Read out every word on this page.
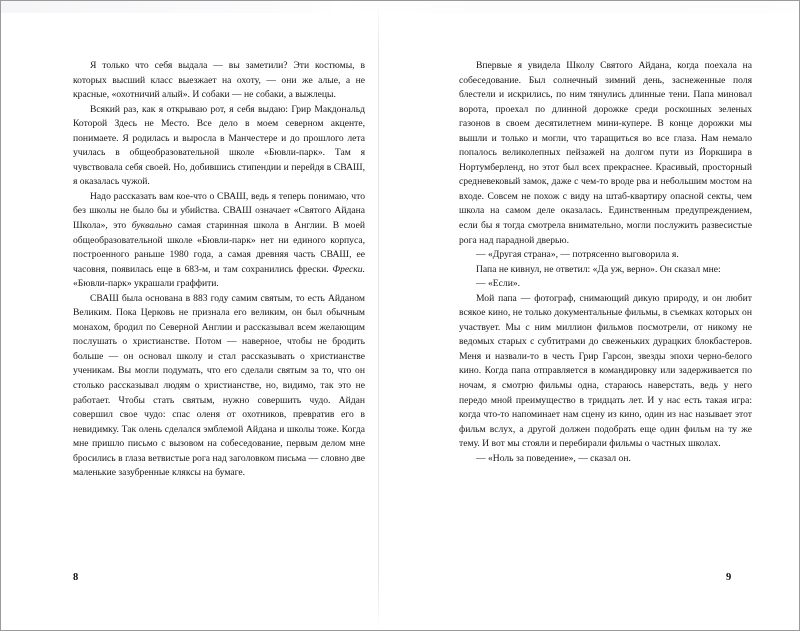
Я только что себя выдала — вы заметили? Эти костюмы, в которых высший класс выезжает на охоту, — они же алые, а не красные, «охотничий алый». И собаки — не собаки, а выжлецы.

Всякий раз, как я открываю рот, я себя выдаю: Грир Макдональд Которой Здесь не Место. Все дело в моем северном акценте, понимаете. Я родилась и выросла в Манчестере и до прошлого лета училась в общеобразовательной школе «Бювли-парк». Там я чувствовала себя своей. Но, добившись стипендии и перейдя в СВАШ, я оказалась чужой.

Надо рассказать вам кое-что о СВАШ, ведь я теперь понимаю, что без школы не было бы и убийства. СВАШ означает «Святого Айдана Школа», это буквально самая старинная школа в Англии. В моей общеобразовательной школе «Бювли-парк» нет ни единого корпуса, построенного раньше 1980 года, а самая древняя часть СВАШ, ее часовня, появилась еще в 683-м, и там сохранились фрески. Фрески. «Бювли-парк» украшали граффити.

СВАШ была основана в 883 году самим святым, то есть Айданом Великим. Пока Церковь не признала его великим, он был обычным монахом, бродил по Северной Англии и рассказывал всем желающим послушать о христианстве. Потом — наверное, чтобы не бродить больше — он основал школу и стал рассказывать о христианстве ученикам. Вы могли подумать, что его сделали святым за то, что он столько рассказывал людям о христианстве, но, видимо, так это не работает. Чтобы стать святым, нужно совершить чудо. Айдан совершил свое чудо: спас оленя от охотников, превратив его в невидимку. Так олень сделался эмблемой Айдана и школы тоже. Когда мне пришло письмо с вызовом на собеседование, первым делом мне бросились в глаза ветвистые рога над заголовком письма — словно две маленькие зазубренные кляксы на бумаге.

8

Впервые я увидела Школу Святого Айдана, когда поехала на собеседование. Был солнечный зимний день, заснеженные поля блестели и искрились, по ним тянулись длинные тени. Папа миновал ворота, проехал по длинной дорожке среди роскошных зеленых газонов в своем десятилетнем мини-купере. В конце дорожки мы вышли и только и могли, что таращиться во все глаза. Нам немало попалось великолепных пейзажей на долгом пути из Йоркшира в Нортумберленд, но этот был всех прекраснее. Красивый, просторный средневековый замок, даже с чем-то вроде рва и небольшим мостом на входе. Совсем не похож с виду на штаб-квартиру опасной секты, чем школа на самом деле оказалась. Единственным предупреждением, если бы я тогда смотрела внимательно, могли послужить развесистые рога над парадной дверью.

— «Другая страна», — потрясенно выговорила я.

Папа не кивнул, не ответил: «Да уж, верно». Он сказал мне:

— «Если».

Мой папа — фотограф, снимающий дикую природу, и он любит всякое кино, не только документальные фильмы, в съемках которых он участвует. Мы с ним миллион фильмов посмотрели, от никому не ведомых старых с субтитрами до свеженьких дурацких блокбастеров. Меня и назвали-то в честь Грир Гарсон, звезды эпохи черно-белого кино. Когда папа отправляется в командировку или задерживается по ночам, я смотрю фильмы одна, стараюсь наверстать, ведь у него передо мной преимущество в тридцать лет. И у нас есть такая игра: когда что-то напоминает нам сцену из кино, один из нас называет этот фильм вслух, а другой должен подобрать еще один фильм на ту же тему. И вот мы стояли и перебирали фильмы о частных школах.

— «Ноль за поведение», — сказал он.

9
